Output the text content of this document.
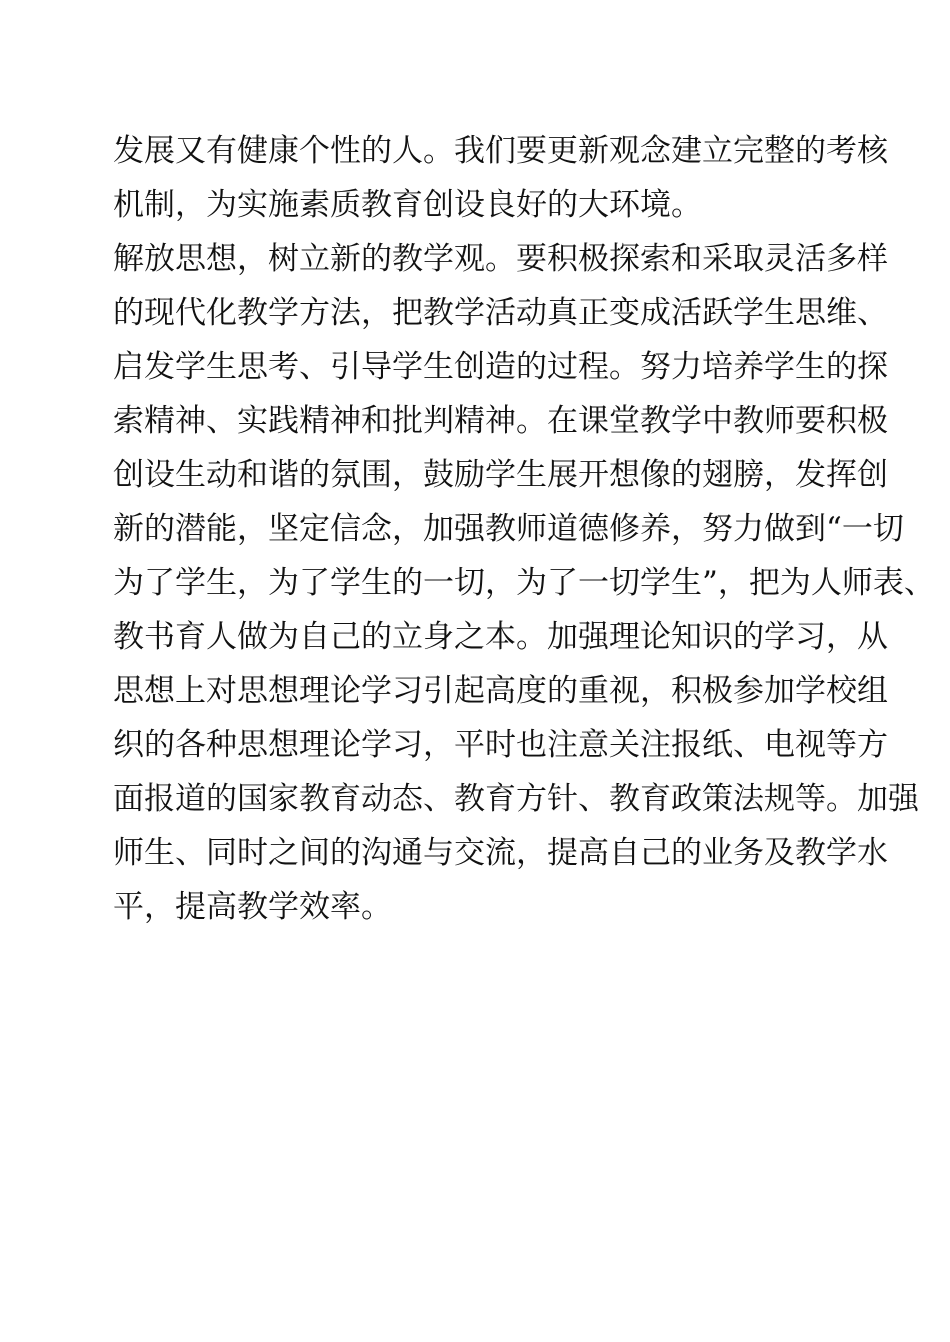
发展又有健康个性的人。我们要更新观念建立完整的考核
机制，为实施素质教育创设良好的大环境。
解放思想，树立新的教学观。要积极探索和采取灵活多样
的现代化教学方法，把教学活动真正变成活跃学生思维、
启发学生思考、引导学生创造的过程。努力培养学生的探
索精神、实践精神和批判精神。在课堂教学中教师要积极
创设生动和谐的氛围，鼓励学生展开想像的翅膀，发挥创
新的潜能，坚定信念，加强教师道德修养，努力做到“一切
为了学生，为了学生的一切，为了一切学生”，把为人师表、
教书育人做为自己的立身之本。加强理论知识的学习，从
思想上对思想理论学习引起高度的重视，积极参加学校组
织的各种思想理论学习，平时也注意关注报纸、电视等方
面报道的国家教育动态、教育方针、教育政策法规等。加强
师生、同时之间的沟通与交流，提高自己的业务及教学水
平，提高教学效率。
